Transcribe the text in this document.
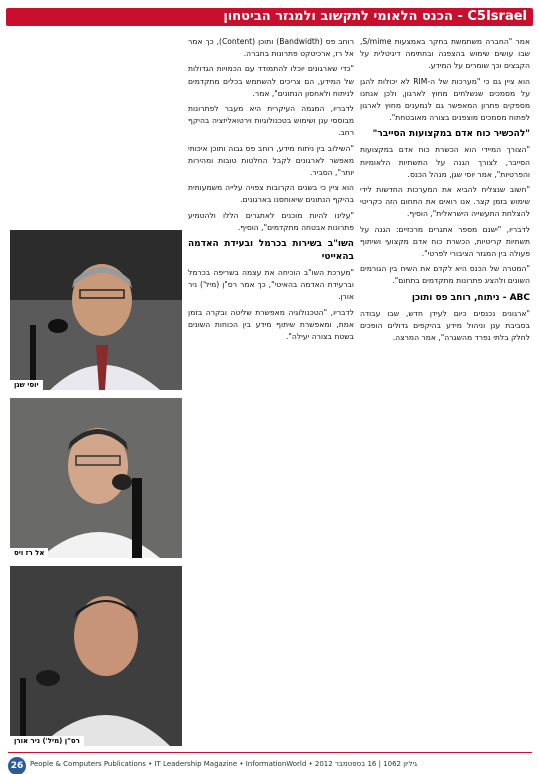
C5Israel - הכנס הלאומי לתקשוב ולמגזר הביטחון

אמר "החברה משתמשת בחקר באמצעות S/mime, שבו עושים שימוש בהצפנה ובחתימה דיגיטלית על הקבצים וכך שומרים על המידע.

הוא ציין גם כי "מערכות של ה-RIM לא יכולות להגן על מסמכים שנשלחים מחוץ לארגון, ולכן אנחנו מספקים פתרון המאפשר גם לנמענים מחוץ לארגון לפתוח מסמכים מוצפנים בצורה מאובטחת".

"להכשיר כוח אדם במקצועות הסייבר"

"הצורך המיידי הוא הכשרת כוח אדם במקצועות הסייבר, לצורך הגנה על התשתיות הלאומיות והפרטיות", אמר יוסי שגן, מנהל הכנס.

"חשוב שנצליח להביא את המערכות החדשות לידי שימוש בזמן קצר. אנו רואים את התחום הזה כקריטי להצלחת התעשייה הישראלית", הוסיף.

לדבריו, "ישנם מספר אתגרים מרכזיים: הגנה על תשתיות קריטיות, הכשרת כוח אדם מקצועי ושיתוף פעולה בין המגזר הציבורי לפרטי".

"המטרה של הכנס היא לקדם את השיח בין הגורמים השונים ולהציג פתרונות מתקדמים בתחום".

ABC - ניתוח, רוחב פס ותוכן

"ארגונים נכנסים כיום לעידן חדש, שבו עבודה בסביבת ענן וניהול מידע בהיקפים גדולים הופכים לחלק בלתי נפרד מהשגרה", אמר המרצה.

רוחב פס (Bandwidth) ותוכן (Content), כך אמר אל רז, ארכיטקט פתרונות בחברה.

"כדי שארגונים יוכלו להתמודד עם הכמויות הגדולות של המידע, הם צריכים להשתמש בכלים מתקדמים לניתוח ולאחסון הנתונים", אמר.

לדבריו, המגמה העיקרית היא מעבר לפתרונות מבוססי ענן ושימוש בטכנולוגיות וירטואליזציה בהיקף רחב.

"השילוב בין ניתוח מידע, רוחב פס גבוה ותוכן איכותי מאפשר לארגונים לקבל החלטות טובות ומהירות יותר", הסביר.

הוא ציין כי בשנים הקרובות צפויה עלייה משמעותית בהיקף הנתונים שיאוחסנו בארגונים.

"עלינו להיות מוכנים לאתגרים הללו ולהטמיע פתרונות אבטחה מתקדמים", הוסיף.

השו"ב בשירות בכרמל ובעידת האדמה בהאייטי

"מערכת השו"ב הוכיחה את עצמה בשריפה בכרמל וברעידת האדמה בהאיטי", כך אמר רס"ן (מיל') ניר אורן.

לדבריו, "הטכנולוגיה מאפשרת שליטה ובקרה בזמן אמת, ומאפשרת שיתוף מידע בין הכוחות השונים בשטח בצורה יעילה".

יוסי שגן
אל רז ויס
רס"ן (מיל') ניר אורן
26 People & Computers Publications • IT Leadership Magazine • InformationWorld • 2012 גיליון 1062 | 16 בספטמבר
